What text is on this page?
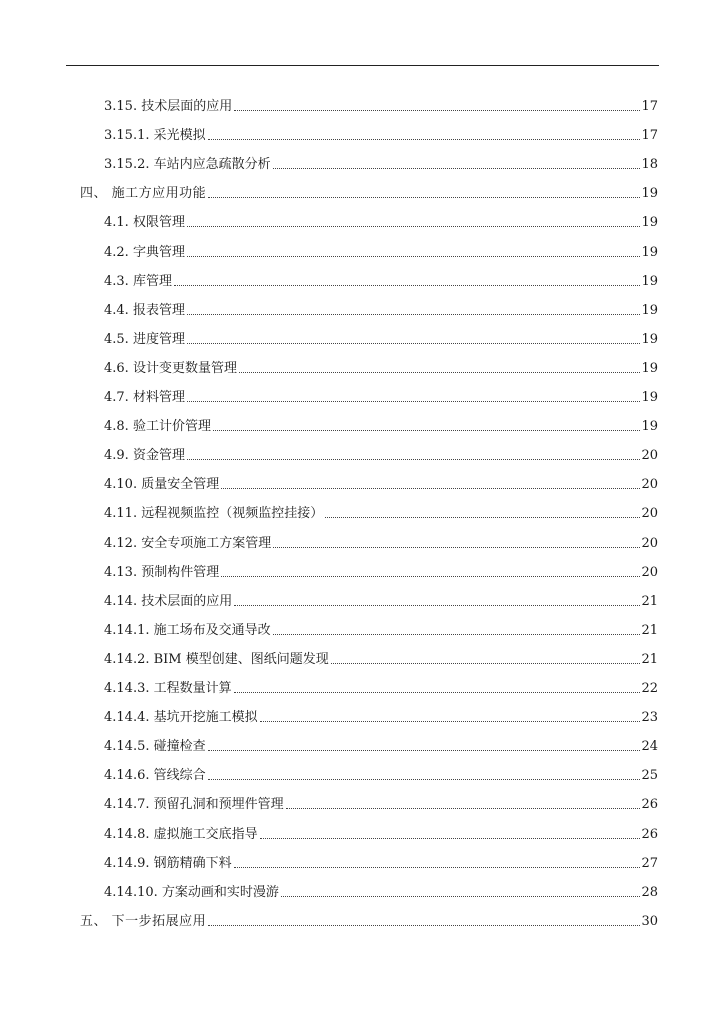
3.15. 技术层面的应用	17
3.15.1. 采光模拟	17
3.15.2. 车站内应急疏散分析	18
四、 施工方应用功能	19
4.1. 权限管理	19
4.2. 字典管理	19
4.3. 库管理	19
4.4. 报表管理	19
4.5. 进度管理	19
4.6. 设计变更数量管理	19
4.7. 材料管理	19
4.8. 验工计价管理	19
4.9. 资金管理	20
4.10. 质量安全管理	20
4.11. 远程视频监控（视频监控挂接）	20
4.12. 安全专项施工方案管理	20
4.13. 预制构件管理	20
4.14. 技术层面的应用	21
4.14.1. 施工场布及交通导改	21
4.14.2. BIM 模型创建、图纸问题发现	21
4.14.3. 工程数量计算	22
4.14.4. 基坑开挖施工模拟	23
4.14.5. 碰撞检查	24
4.14.6. 管线综合	25
4.14.7. 预留孔洞和预埋件管理	26
4.14.8. 虚拟施工交底指导	26
4.14.9. 钢筋精确下料	27
4.14.10. 方案动画和实时漫游	28
五、 下一步拓展应用	30
